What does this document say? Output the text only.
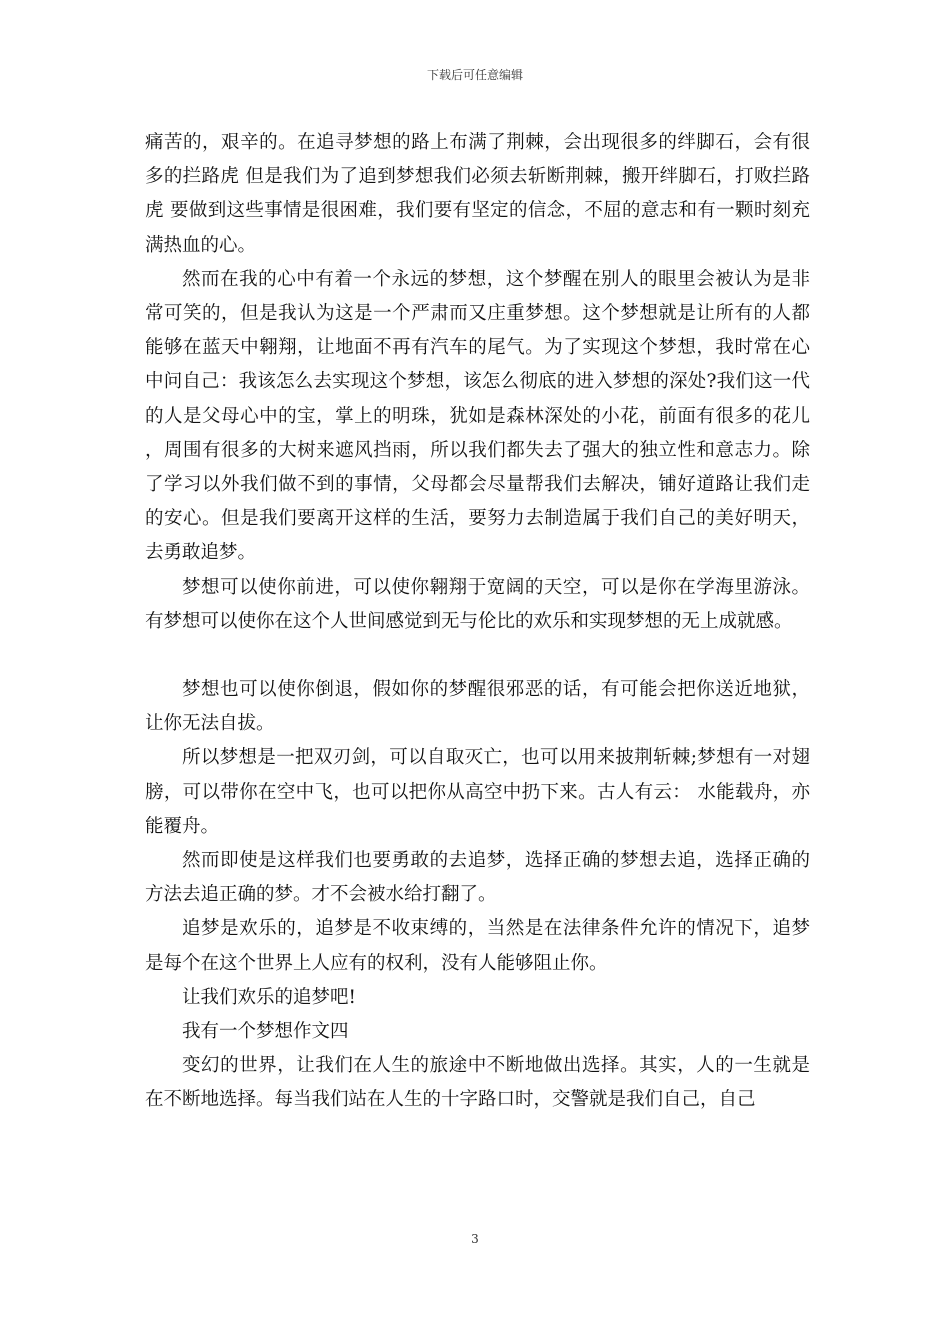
下载后可任意编辑

痛苦的，艰辛的。在追寻梦想的路上布满了荆棘，会出现很多的绊脚石，会有很多的拦路虎 但是我们为了追到梦想我们必须去斩断荆棘，搬开绊脚石，打败拦路虎 要做到这些事情是很困难，我们要有坚定的信念，不屈的意志和有一颗时刻充满热血的心。

然而在我的心中有着一个永远的梦想，这个梦醒在别人的眼里会被认为是非常可笑的，但是我认为这是一个严肃而又庄重梦想。这个梦想就是让所有的人都能够在蓝天中翱翔，让地面不再有汽车的尾气。为了实现这个梦想，我时常在心中问自己：我该怎么去实现这个梦想，该怎么彻底的进入梦想的深处?我们这一代的人是父母心中的宝，掌上的明珠，犹如是森林深处的小花，前面有很多的花儿，周围有很多的大树来遮风挡雨，所以我们都失去了强大的独立性和意志力。除了学习以外我们做不到的事情，父母都会尽量帮我们去解决，铺好道路让我们走的安心。但是我们要离开这样的生活，要努力去制造属于我们自己的美好明天，去勇敢追梦。

梦想可以使你前进，可以使你翱翔于宽阔的天空，可以是你在学海里游泳。有梦想可以使你在这个人世间感觉到无与伦比的欢乐和实现梦想的无上成就感。

梦想也可以使你倒退，假如你的梦醒很邪恶的话，有可能会把你送近地狱，让你无法自拔。

所以梦想是一把双刃剑，可以自取灭亡，也可以用来披荆斩棘;梦想有一对翅膀，可以带你在空中飞，也可以把你从高空中扔下来。古人有云： 水能载舟，亦能覆舟。

然而即使是这样我们也要勇敢的去追梦，选择正确的梦想去追，选择正确的方法去追正确的梦。才不会被水给打翻了。

追梦是欢乐的，追梦是不收束缚的，当然是在法律条件允许的情况下，追梦是每个在这个世界上人应有的权利，没有人能够阻止你。

让我们欢乐的追梦吧!

我有一个梦想作文四

变幻的世界，让我们在人生的旅途中不断地做出选择。其实，人的一生就是在不断地选择。每当我们站在人生的十字路口时，交警就是我们自己，自己

3
